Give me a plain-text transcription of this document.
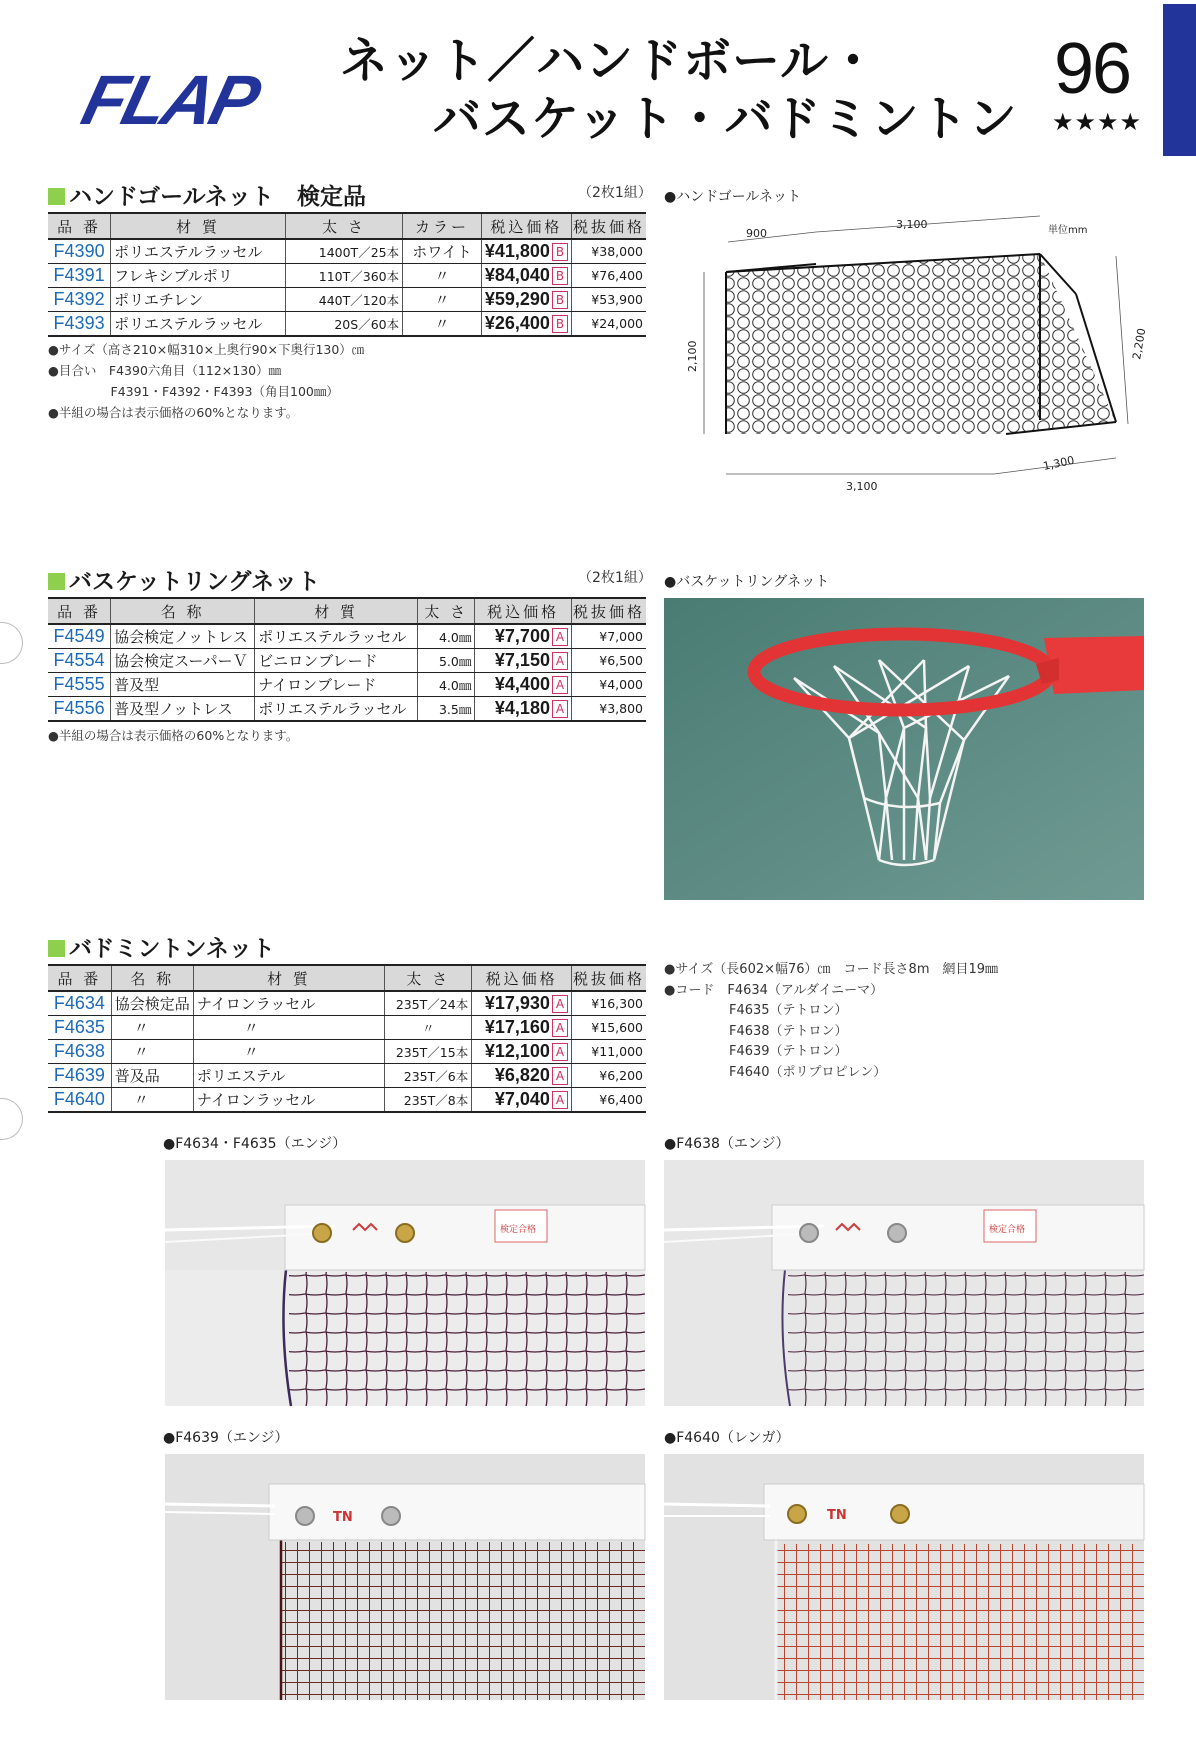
FLAP
ネット／ハンドボール・
バスケット・バドミントン
96
★★★★
ハンドゴールネット　 検定品	（2枚1組）
品 番	材 質	太 さ	カラー	税込価格	税抜価格
F4390	ポリエステルラッセル	1400T／25本	ホワイト	¥41,800 B	¥38,000
F4391	フレキシブルポリ	110T／360本	〃	¥84,040 B	¥76,400
F4392	ポリエチレン	440T／120本	〃	¥59,290 B	¥53,900
F4393	ポリエステルラッセル	20S／60本	〃	¥26,400 B	¥24,000
●サイズ（高さ210×幅310×上奥行90×下奥行130）㎝
●目合い　F4390六角目（112×130）㎜
　　　　　F4391・F4392・F4393（角目100㎜）
●半組の場合は表示価格の60%となります。
●ハンドゴールネット
900
3,100	単位mm
2,100	2,200
3,100
1,300
バスケットリングネット	（2枚1組）
品 番	名 称	材 質	太 さ	税込価格	税抜価格
F4549	協会検定ノットレス	ポリエステルラッセル	4.0㎜	¥7,700 A	¥7,000
F4554	協会検定スーパーＶ	ビニロンブレード	5.0㎜	¥7,150 A	¥6,500
F4555	普及型	ナイロンブレード	4.0㎜	¥4,400 A	¥4,000
F4556	普及型ノットレス	ポリエステルラッセル	3.5㎜	¥4,180 A	¥3,800
●半組の場合は表示価格の60%となります。
●バスケットリングネット
バドミントンネット
品 番	名 称	材 質	太 さ	税込価格	税抜価格
F4634	協会検定品	ナイロンラッセル	235T／24本	¥17,930 A	¥16,300
F4635	〃	〃	〃	¥17,160 A	¥15,600
F4638	〃	〃	235T／15本	¥12,100 A	¥11,000
F4639	普及品	ポリエステル	235T／6本	¥6,820 A	¥6,200
F4640	〃	ナイロンラッセル	235T／8本	¥7,040 A	¥6,400
●サイズ（長602×幅76）㎝　コード長さ8m　網目19㎜
●コード　F4634（アルダイニーマ）
　　　　　F4635（テトロン）
　　　　　F4638（テトロン）
　　　　　F4639（テトロン）
　　　　　F4640（ポリプロピレン）
●F4634・F4635（エンジ）	●F4638（エンジ）
●F4639（エンジ）	●F4640（レンガ）
検定合格	検定合格
TN	TN
